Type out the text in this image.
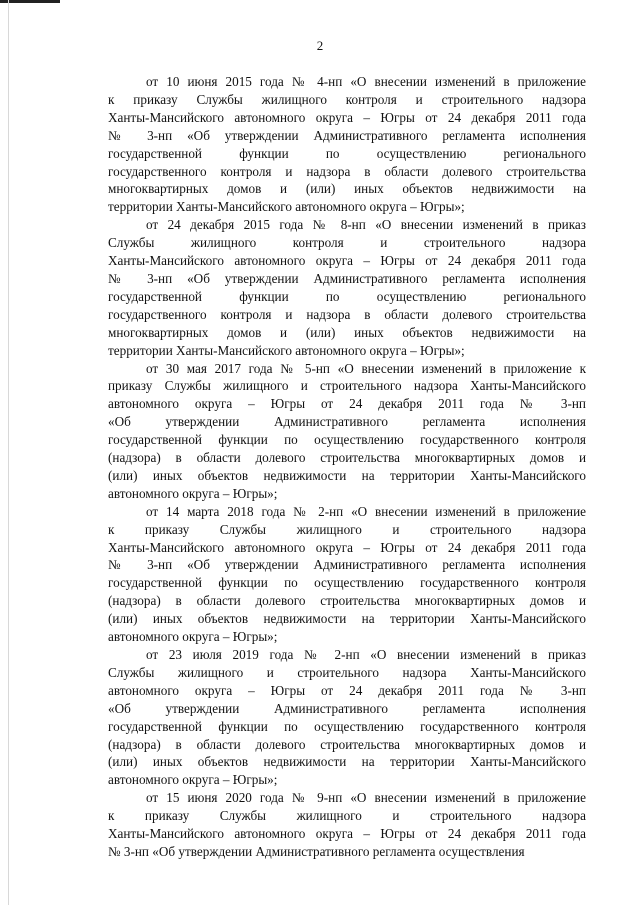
2
от 10 июня 2015 года № 4-нп «О внесении изменений в приложение
к приказу Службы жилищного контроля и строительного надзора
Ханты-Мансийского автономного округа – Югры от 24 декабря 2011 года
№ 3-нп «Об утверждении Административного регламента исполнения
государственной функции по осуществлению регионального
государственного контроля и надзора в области долевого строительства
многоквартирных домов и (или) иных объектов недвижимости на
территории Ханты-Мансийского автономного округа – Югры»;
от 24 декабря 2015 года № 8-нп «О внесении изменений в приказ
Службы жилищного контроля и строительного надзора
Ханты-Мансийского автономного округа – Югры от 24 декабря 2011 года
№ 3-нп «Об утверждении Административного регламента исполнения
государственной функции по осуществлению регионального
государственного контроля и надзора в области долевого строительства
многоквартирных домов и (или) иных объектов недвижимости на
территории Ханты-Мансийского автономного округа – Югры»;
от 30 мая 2017 года № 5-нп «О внесении изменений в приложение к
приказу Службы жилищного и строительного надзора Ханты-Мансийского
автономного округа – Югры от 24 декабря 2011 года № 3-нп
«Об утверждении Административного регламента исполнения
государственной функции по осуществлению государственного контроля
(надзора) в области долевого строительства многоквартирных домов и
(или) иных объектов недвижимости на территории Ханты-Мансийского
автономного округа – Югры»;
от 14 марта 2018 года № 2-нп «О внесении изменений в приложение
к приказу Службы жилищного и строительного надзора
Ханты-Мансийского автономного округа – Югры от 24 декабря 2011 года
№ 3-нп «Об утверждении Административного регламента исполнения
государственной функции по осуществлению государственного контроля
(надзора) в области долевого строительства многоквартирных домов и
(или) иных объектов недвижимости на территории Ханты-Мансийского
автономного округа – Югры»;
от 23 июля 2019 года № 2-нп «О внесении изменений в приказ
Службы жилищного и строительного надзора Ханты-Мансийского
автономного округа – Югры от 24 декабря 2011 года № 3-нп
«Об утверждении Административного регламента исполнения
государственной функции по осуществлению государственного контроля
(надзора) в области долевого строительства многоквартирных домов и
(или) иных объектов недвижимости на территории Ханты-Мансийского
автономного округа – Югры»;
от 15 июня 2020 года № 9-нп «О внесении изменений в приложение
к приказу Службы жилищного и строительного надзора
Ханты-Мансийского автономного округа – Югры от 24 декабря 2011 года
№ 3-нп «Об утверждении Административного регламента осуществления
